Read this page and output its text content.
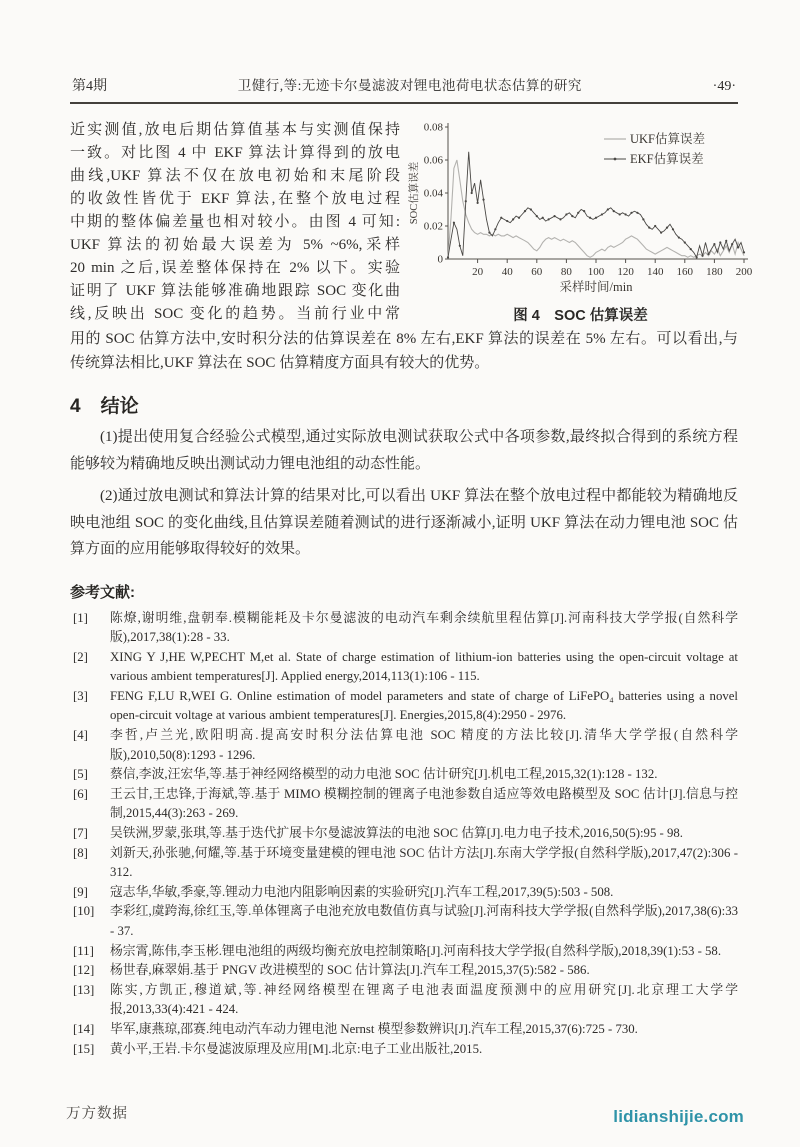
第4期	卫健行,等:无迹卡尔曼滤波对锂电池荷电状态估算的研究	·49·
近实测值,放电后期估算值基本与实测值保持
一致。对比图 4 中 EKF 算法计算得到的放电
曲线,UKF 算法不仅在放电初始和末尾阶段
的收敛性皆优于 EKF 算法,在整个放电过程
中期的整体偏差量也相对较小。由图 4 可知:
UKF 算法的初始最大误差为 5% ~6%,采样
20 min 之后,误差整体保持在 2% 以下。实验
证明了 UKF 算法能够准确地跟踪 SOC 变化曲
线,反映出 SOC 变化的趋势。当前行业中常
0
0.02
0.04
0.06
0.08
20 40 60 80 100 120 140 160 180 200
SOC估算误差
采样时间/min
UKF估算误差
EKF估算误差
图 4　SOC 估算误差
用的 SOC 估算方法中,安时积分法的估算误差在 8% 左右,EKF 算法的误差在 5% 左右。可以看出,与
传统算法相比,UKF 算法在 SOC 估算精度方面具有较大的优势。
4 结论
(1)提出使用复合经验公式模型,通过实际放电测试获取公式中各项参数,最终拟合得到的系统方程能够较为精确地反映出测试动力锂电池组的动态性能。
(2)通过放电测试和算法计算的结果对比,可以看出 UKF 算法在整个放电过程中都能较为精确地反映电池组 SOC 的变化曲线,且估算误差随着测试的进行逐渐减小,证明 UKF 算法在动力锂电池 SOC 估算方面的应用能够取得较好的效果。
参考文献:
[1]	陈燎,谢明维,盘朝奉.模糊能耗及卡尔曼滤波的电动汽车剩余续航里程估算[J].河南科技大学学报(自然科学版),2017,38(1):28 - 33.
[2]	XING Y J,HE W,PECHT M,et al. State of charge estimation of lithium-ion batteries using the open-circuit voltage at various ambient temperatures[J]. Applied energy,2014,113(1):106 - 115.
[3]	FENG F,LU R,WEI G. Online estimation of model parameters and state of charge of LiFePO₄ batteries using a novel open-circuit voltage at various ambient temperatures[J]. Energies,2015,8(4):2950 - 2976.
[4]	李哲,卢兰光,欧阳明高.提高安时积分法估算电池 SOC 精度的方法比较[J].清华大学学报(自然科学版),2010,50(8):1293 - 1296.
[5]	蔡信,李波,汪宏华,等.基于神经网络模型的动力电池 SOC 估计研究[J].机电工程,2015,32(1):128 - 132.
[6]	王云甘,王忠锋,于海斌,等.基于 MIMO 模糊控制的锂离子电池参数自适应等效电路模型及 SOC 估计[J].信息与控制,2015,44(3):263 - 269.
[7]	吴铁洲,罗蒙,张琪,等.基于迭代扩展卡尔曼滤波算法的电池 SOC 估算[J].电力电子技术,2016,50(5):95 - 98.
[8]	刘新天,孙张驰,何耀,等.基于环境变量建模的锂电池 SOC 估计方法[J].东南大学学报(自然科学版),2017,47(2):306 - 312.
[9]	寇志华,华敏,季豪,等.锂动力电池内阻影响因素的实验研究[J].汽车工程,2017,39(5):503 - 508.
[10]	李彩红,虞跨海,徐红玉,等.单体锂离子电池充放电数值仿真与试验[J].河南科技大学学报(自然科学版),2017,38(6):33 - 37.
[11]	杨宗霄,陈伟,李玉彬.锂电池组的两级均衡充放电控制策略[J].河南科技大学学报(自然科学版),2018,39(1):53 - 58.
[12]	杨世春,麻翠娟.基于 PNGV 改进模型的 SOC 估计算法[J].汽车工程,2015,37(5):582 - 586.
[13]	陈实,方凯正,穆道斌,等.神经网络模型在锂离子电池表面温度预测中的应用研究[J].北京理工大学学报,2013,33(4):421 - 424.
[14]	毕军,康燕琼,邵赛.纯电动汽车动力锂电池 Nernst 模型参数辨识[J].汽车工程,2015,37(6):725 - 730.
[15]	黄小平,王岩.卡尔曼滤波原理及应用[M].北京:电子工业出版社,2015.
万方数据	lidianshijie.com
